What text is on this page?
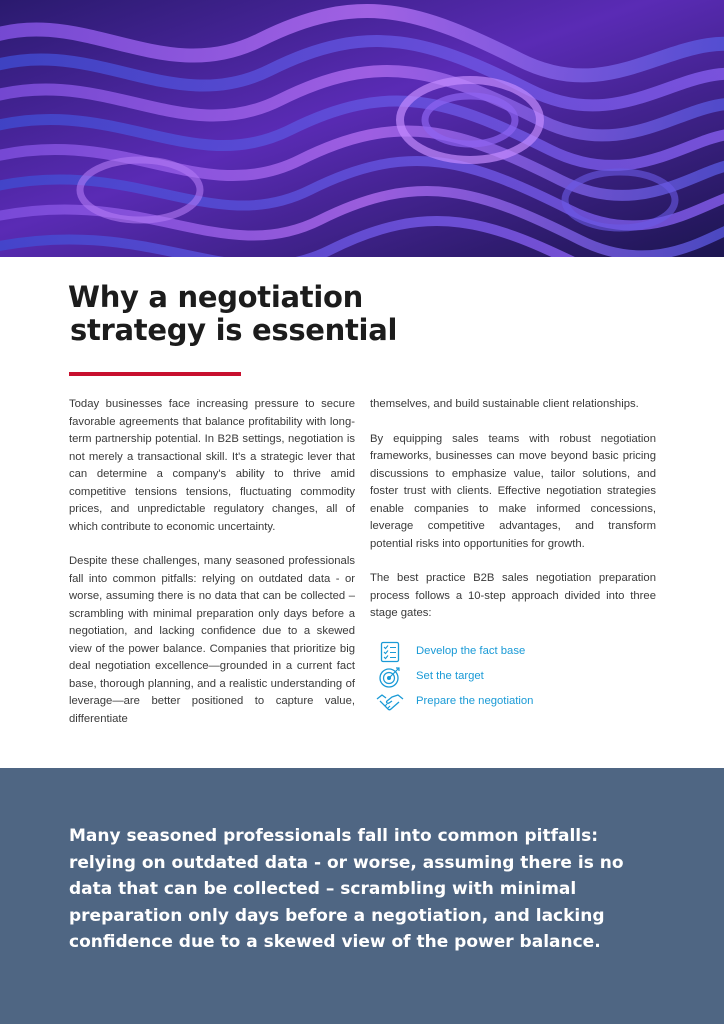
Why a negotiation
strategy is essential

Today businesses face increasing pressure to secure favorable agreements that balance profitability with long-term partnership potential. In B2B settings, negotiation is not merely a transactional skill. It's a strategic lever that can determine a company's ability to thrive amid competitive tensions tensions, fluctuating commodity prices, and unpredictable regulatory changes, all of which contribute to economic uncertainty.

Despite these challenges, many seasoned professionals fall into common pitfalls: relying on outdated data - or worse, assuming there is no data that can be collected – scrambling with minimal preparation only days before a negotiation, and lacking confidence due to a skewed view of the power balance. Companies that prioritize big deal negotiation excellence—grounded in a current fact base, thorough planning, and a realistic understanding of leverage—are better positioned to capture value, differentiate

themselves, and build sustainable client relationships.

By equipping sales teams with robust negotiation frameworks, businesses can move beyond basic pricing discussions to emphasize value, tailor solutions, and foster trust with clients. Effective negotiation strategies enable companies to make informed concessions, leverage competitive advantages, and transform potential risks into opportunities for growth.

The best practice B2B sales negotiation preparation process follows a 10-step approach divided into three stage gates:

Develop the fact base
Set the target
Prepare the negotiation

Many seasoned professionals fall into common pitfalls: relying on outdated data - or worse, assuming there is no data that can be collected – scrambling with minimal preparation only days before a negotiation, and lacking confidence due to a skewed view of the power balance.
